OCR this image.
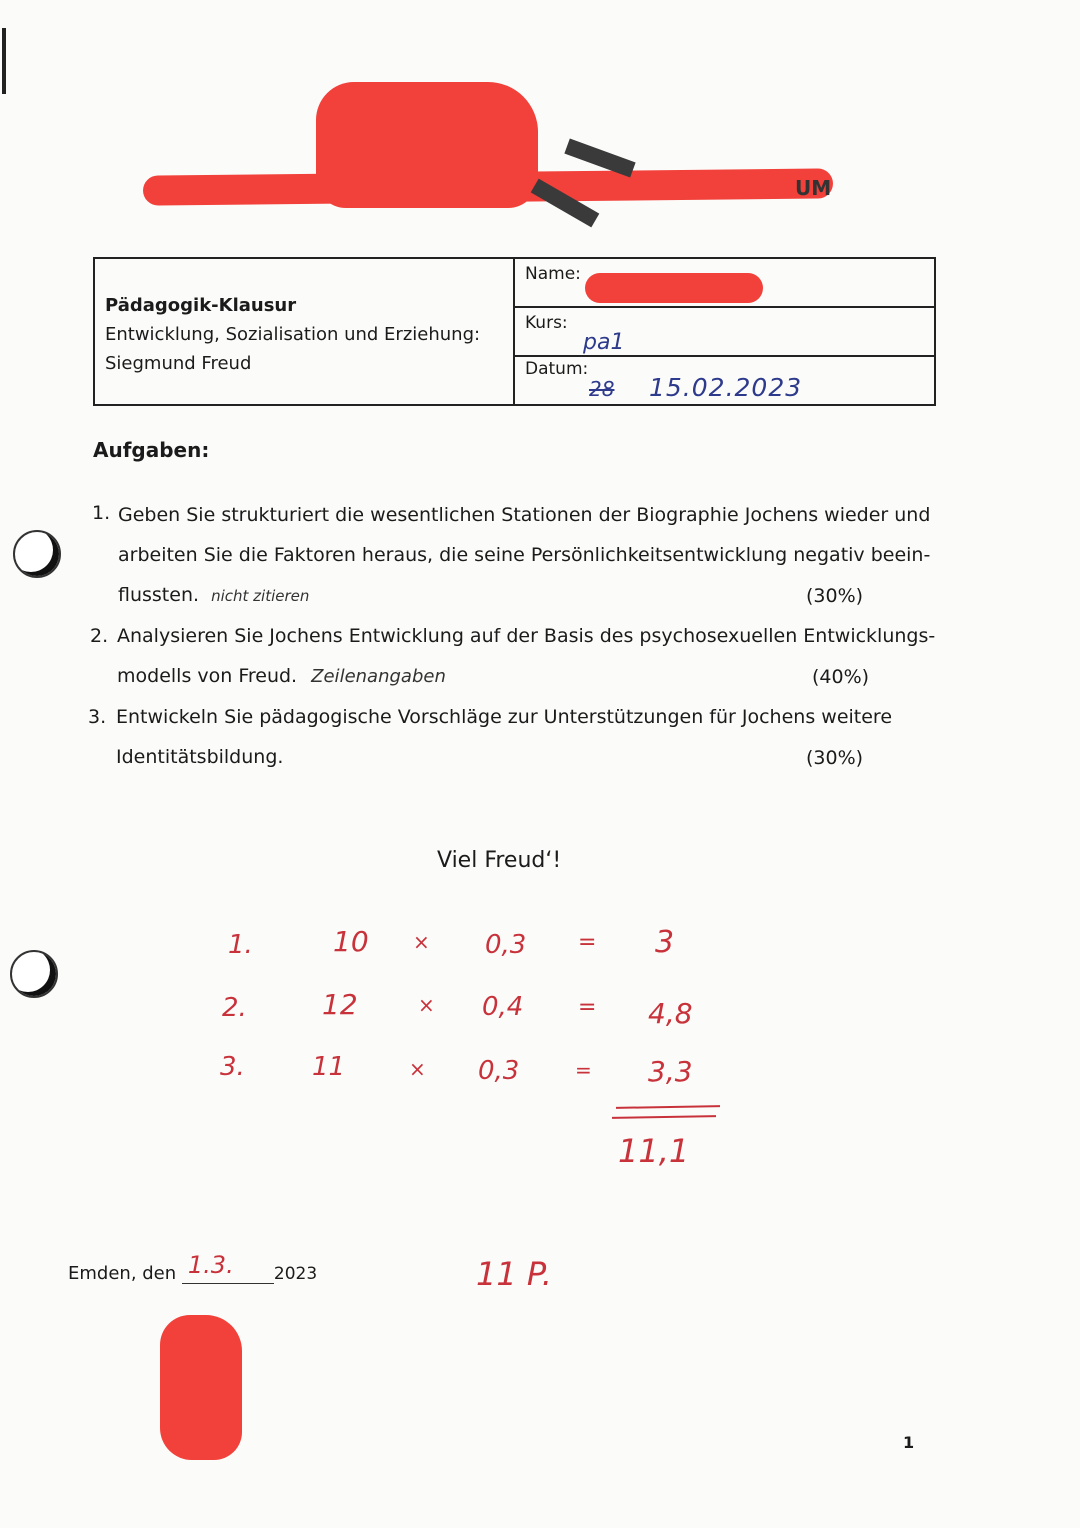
UM
Pädagogik-Klausur
Entwicklung, Sozialisation und Erziehung:
Siegmund Freud
Name:
Kurs:
pa1
Datum:
28 15.02.2023
Aufgaben:
1. Geben Sie strukturiert die wesentlichen Stationen der Biographie Jochens wieder und
arbeiten Sie die Faktoren heraus, die seine Persönlichkeitsentwicklung negativ beein-
flussten. nicht zitieren	(30%)
2. Analysieren Sie Jochens Entwicklung auf der Basis des psychosexuellen Entwicklungs-
modells von Freud. Zeilenangaben	(40%)
3. Entwickeln Sie pädagogische Vorschläge zur Unterstützungen für Jochens weitere
Identitätsbildung.	(30%)
Viel Freud‘!
1.	10 × 0,3 = 3
2.	12	× 0,4 = 4,8
3.	11	× 0,3	= 3,3
11,1
11 P.
Emden, den 1.3. 2023
1
